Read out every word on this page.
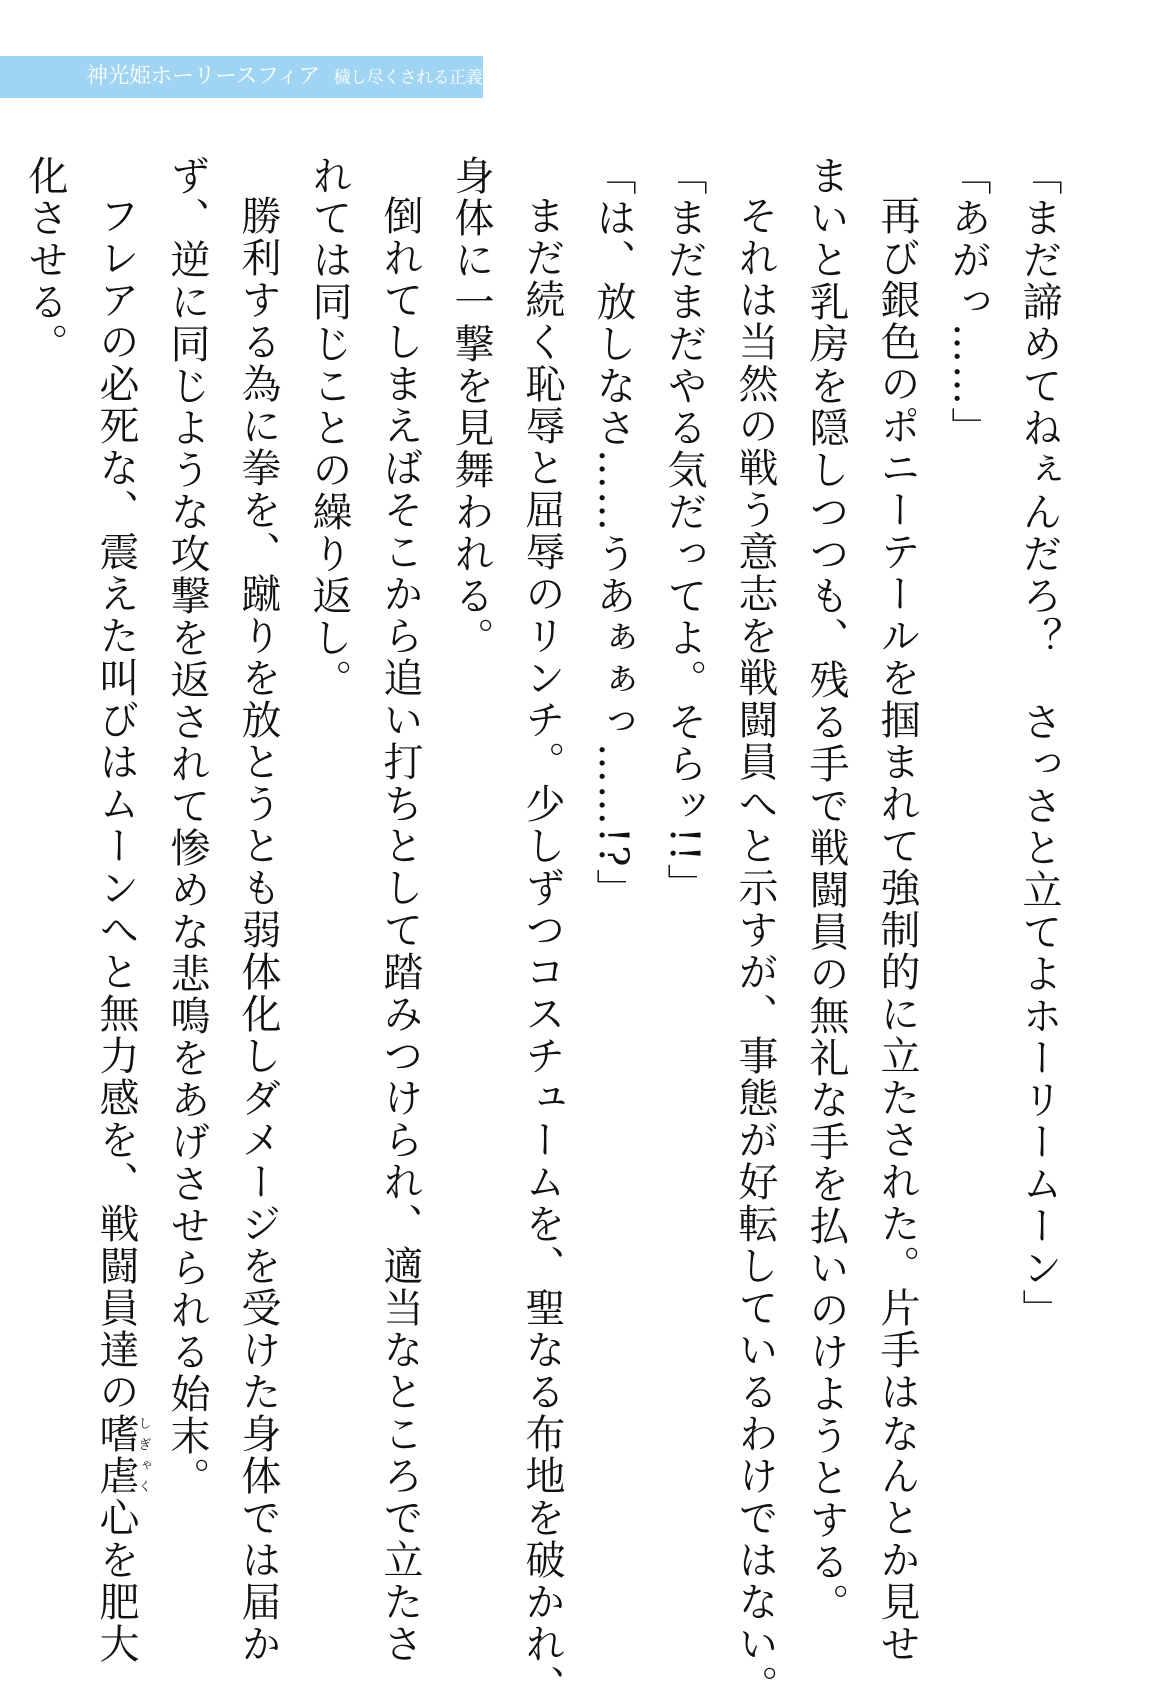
神光姫ホーリースフィア 穢し尽くされる正義
「まだ諦めてねぇんだろ？　さっさと立てよホーリームーン」
「あがっ……」
再び銀色のポニーテールを掴まれて強制的に立たされた。片手はなんとか見せ
まいと乳房を隠しつつも、残る手で戦闘員の無礼な手を払いのけようとする。
それは当然の戦う意志を戦闘員へと示すが、事態が好転しているわけではない。
「まだまだやる気だってよ。そらッ!!」
「は、放しなさ……うあぁぁっ……!?」
まだ続く恥辱と屈辱のリンチ。少しずつコスチュームを、聖なる布地を破かれ、
身体に一撃を見舞われる。
倒れてしまえばそこから追い打ちとして踏みつけられ、適当なところで立たさ
れては同じことの繰り返し。
勝利する為に拳を、蹴りを放とうとも弱体化しダメージを受けた身体では届か
ず、逆に同じような攻撃を返されて惨めな悲鳴をあげさせられる始末。
フレアの必死な、震えた叫びはムーンへと無力感を、戦闘員達の嗜虐しぎゃく心を肥大
化させる。
